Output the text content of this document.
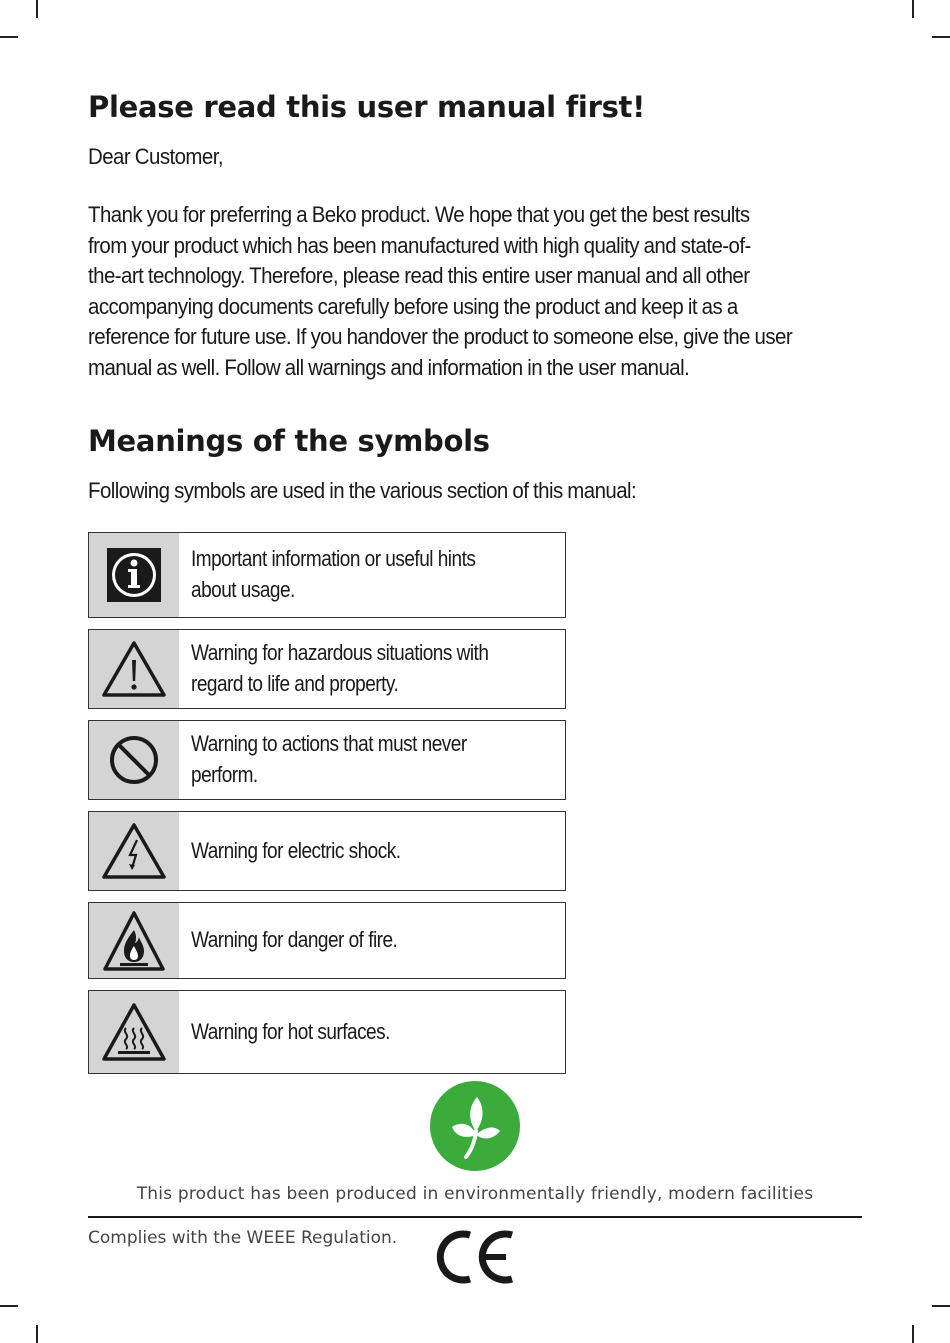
Please read this user manual first!

Dear Customer,

Thank you for preferring a Beko product. We hope that you get the best results
from your product which has been manufactured with high quality and state-of-
the-art technology. Therefore, please read this entire user manual and all other
accompanying documents carefully before using the product and keep it as a
reference for future use. If you handover the product to someone else, give the user
manual as well. Follow all warnings and information in the user manual.
Meanings of the symbols

Following symbols are used in the various section of this manual:

Important information or useful hints
about usage.
Warning for hazardous situations with
regard to life and property.
Warning to actions that must never
perform.
Warning for electric shock.
Warning for danger of fire.
Warning for hot surfaces.

This product has been produced in environmentally friendly, modern facilities

Complies with the WEEE Regulation.
